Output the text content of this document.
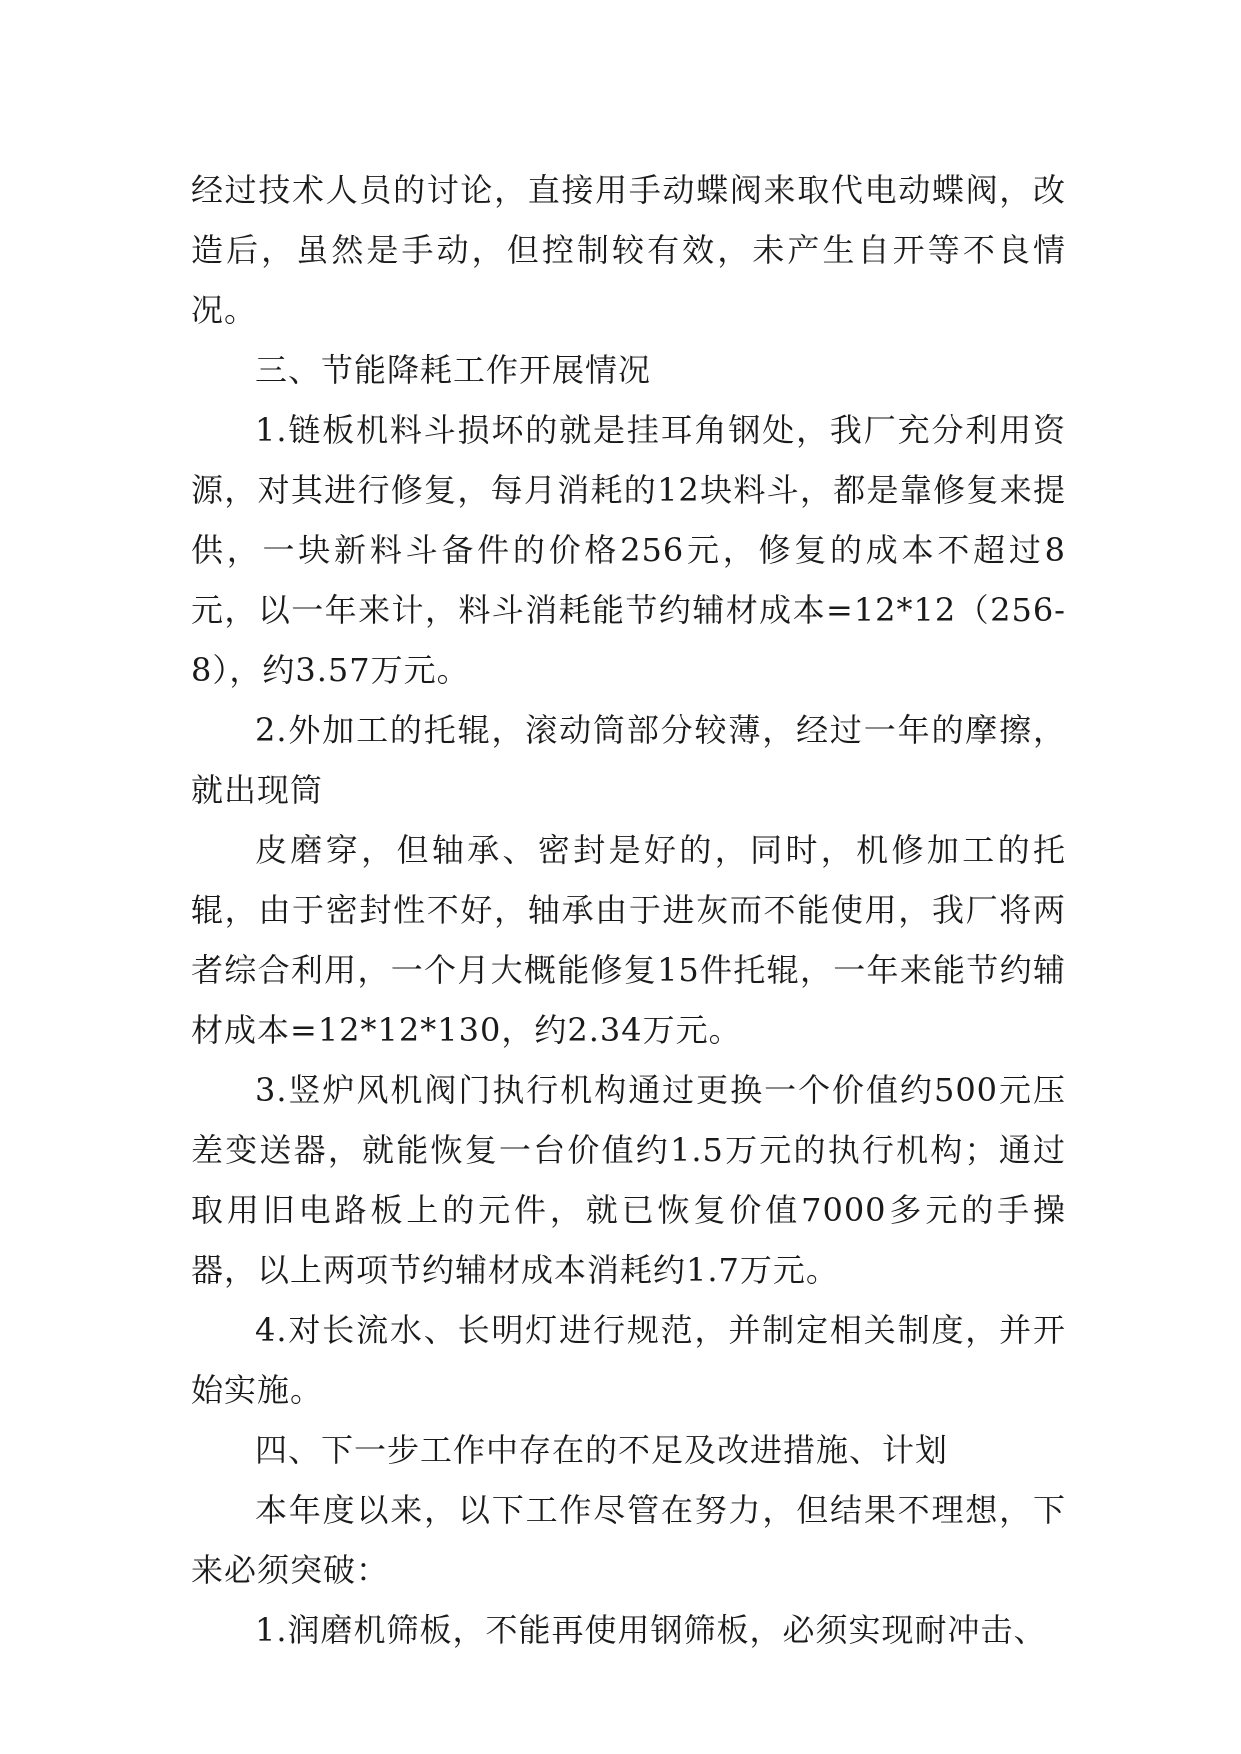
经过技术人员的讨论，直接用手动蝶阀来取代电动蝶阀，改造后，虽然是手动，但控制较有效，未产生自开等不良情况。

三、节能降耗工作开展情况

1.链板机料斗损坏的就是挂耳角钢处，我厂充分利用资源，对其进行修复，每月消耗的12块料斗，都是靠修复来提供，一块新料斗备件的价格256元，修复的成本不超过8元，以一年来计，料斗消耗能节约辅材成本=12*12（256-8），约3.57万元。

2.外加工的托辊，滚动筒部分较薄，经过一年的摩擦，就出现筒

皮磨穿，但轴承、密封是好的，同时，机修加工的托辊，由于密封性不好，轴承由于进灰而不能使用，我厂将两者综合利用，一个月大概能修复15件托辊，一年来能节约辅材成本=12*12*130，约2.34万元。

3.竖炉风机阀门执行机构通过更换一个价值约500元压差变送器，就能恢复一台价值约1.5万元的执行机构；通过取用旧电路板上的元件，就已恢复价值7000多元的手操器，以上两项节约辅材成本消耗约1.7万元。

4.对长流水、长明灯进行规范，并制定相关制度，并开始实施。

四、下一步工作中存在的不足及改进措施、计划

本年度以来，以下工作尽管在努力，但结果不理想，下来必须突破：

1.润磨机筛板，不能再使用钢筛板，必须实现耐冲击、
